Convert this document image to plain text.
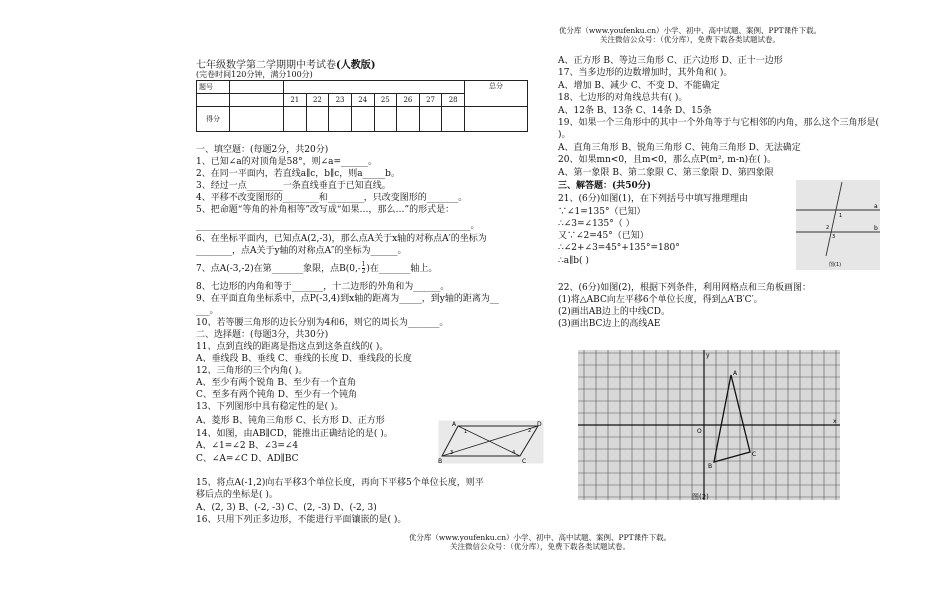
优分库（www.youfenku.cn）小学、初中、高中试题、案例、PPT课件下载。
关注微信公众号：（优分库），免费下载各类试题试卷。
优分库（www.youfenku.cn）小学、初中、高中试题、案例、PPT课件下载。
关注微信公众号：（优分库），免费下载各类试题试卷。
七年级数学第二学期期中考试卷(人教版)
(完卷时间120分钟，满分100分)
题号										总分
		21	22	23	24	25	26	27	28	
得分										
一、填空题：(每题2分，共20分)
1、已知∠a的对顶角是58°，则∠a=______。
2、在同一平面内，若直线a∥c，b∥c，则a_____b。
3、经过一点________一条直线垂直于已知直线。
4、平移不改变图形的________和________，只改变图形的_______。
5、把命题“等角的补角相等”改写成“如果…，那么…”的形式是：
_____________________________________________________________。
6、在坐标平面内，已知点A(2,-3)，那么点A关于x轴的对称点A′的坐标为
________，点A关于y轴的对称点A″的坐标为______。
7、点A(-3,-2)在第_______象限，点$B(0,- \frac{1}{2}$ )在_______轴上。
8、七边形的内角和等于_______，十二边形的外角和为______。
9、在平面直角坐标系中，点P(-3,4)到x轴的距离为_____，到y轴的距离为__
___。
10、若等腰三角形的边长分别为4和6，则它的周长为_______。
二、选择题：(每题3分，共30分)
11、点到直线的距离是指这点到这条直线的( )。
A、垂线段 B、垂线 C、垂线的长度 D、垂线段的长度
12、三角形的三个内角( )。
A、至少有两个锐角 B、至少有一个直角
C、至多有两个钝角 D、至少有一个钝角
13、下列图形中具有稳定性的是( )。
A、菱形 B、钝角三角形 C、长方形 D、正方形
14、如图，由AB∥CD，能推出正确结论的是( )。
A、∠1=∠2 B、∠3=∠4
C、∠A=∠C D、AD∥BC
A
B	C
D
1	2
3	4
15、将点A(-1,2)向右平移3个单位长度，再向下平移5个单位长度，则平
移后点的坐标是( )。
A、(2, 3) B、(-2, -3) C、(2, -3) D、(-2, 3)
16、只用下列正多边形，不能进行平面镶嵌的是( )。
A、正方形 B、等边三角形 C、正六边形 D、正十一边形
17、当多边形的边数增加时，其外角和( )。
A、增加 B、减少 C、不变 D、不能确定
18、七边形的对角线总共有( )。
A、12条 B、13条 C、14条 D、15条
19、如果一个三角形中的其中一个外角等于与它相邻的内角，那么这个三角形是(
)。
A、直角三角形 B、锐角三角形 C、钝角三角形 D、无法确定
20、如果mn<0，且m<0，那么点P(m², m-n)在( )。
A、第一象限 B、第二象限 C、第三象限 D、第四象限
三、解答题：(共50分)
21、(6分)如图(1)，在下列括号中填写推理理由
∵∠1=135°（已知）
∴∠3=∠135°（ ）
又∵∠2=45°（已知）
∴∠2+∠3=45°+135°=180°
∴a∥b( )
a
b
1
2
3
图(1)
22、(6分)如图(2)，根据下列条件，利用网格点和三角板画图：
(1)将△ABC向左平移6个单位长度，得到△A′B′C′。
(2)画出AB边上的中线CD。
(3)画出BC边上的高线AE
A
B
C
x
y
O
图(2)
